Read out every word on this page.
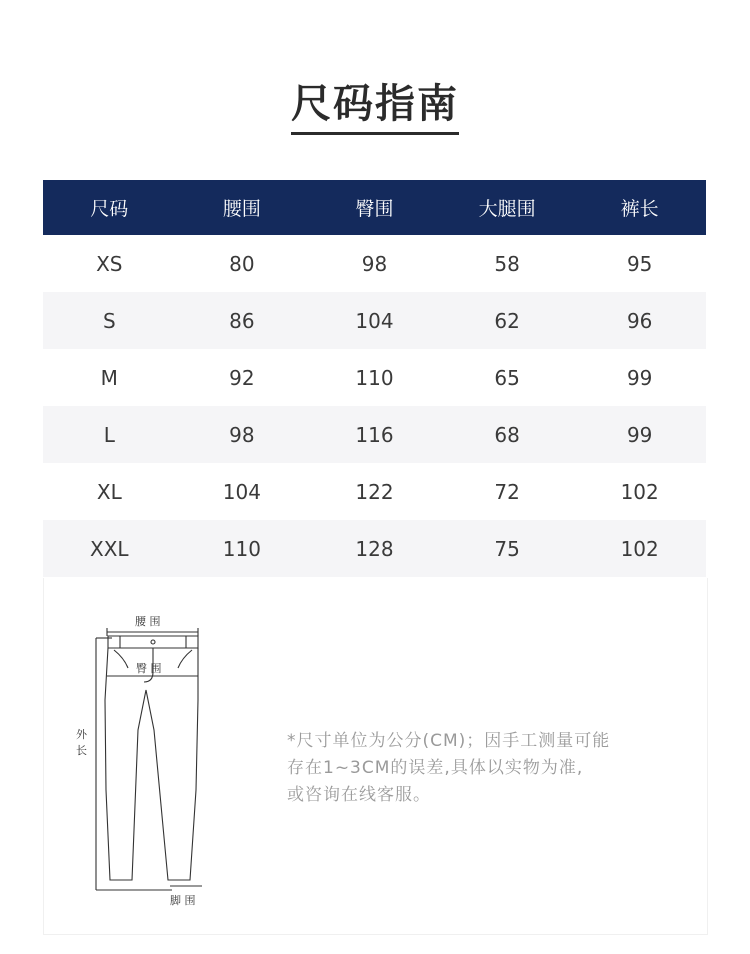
尺码指南
尺码	腰围	臀围	大腿围	裤长
XS	80	98	58	95
S	86	104	62	96
M	92	110	65	99
L	98	116	68	99
XL	104	122	72	102
XXL	110	128	75	102
腰 围
臀 围
外
长
脚 围
*尺寸单位为公分(CM)；因手工测量可能
存在1~3CM的误差,具体以实物为准,
或咨询在线客服。
